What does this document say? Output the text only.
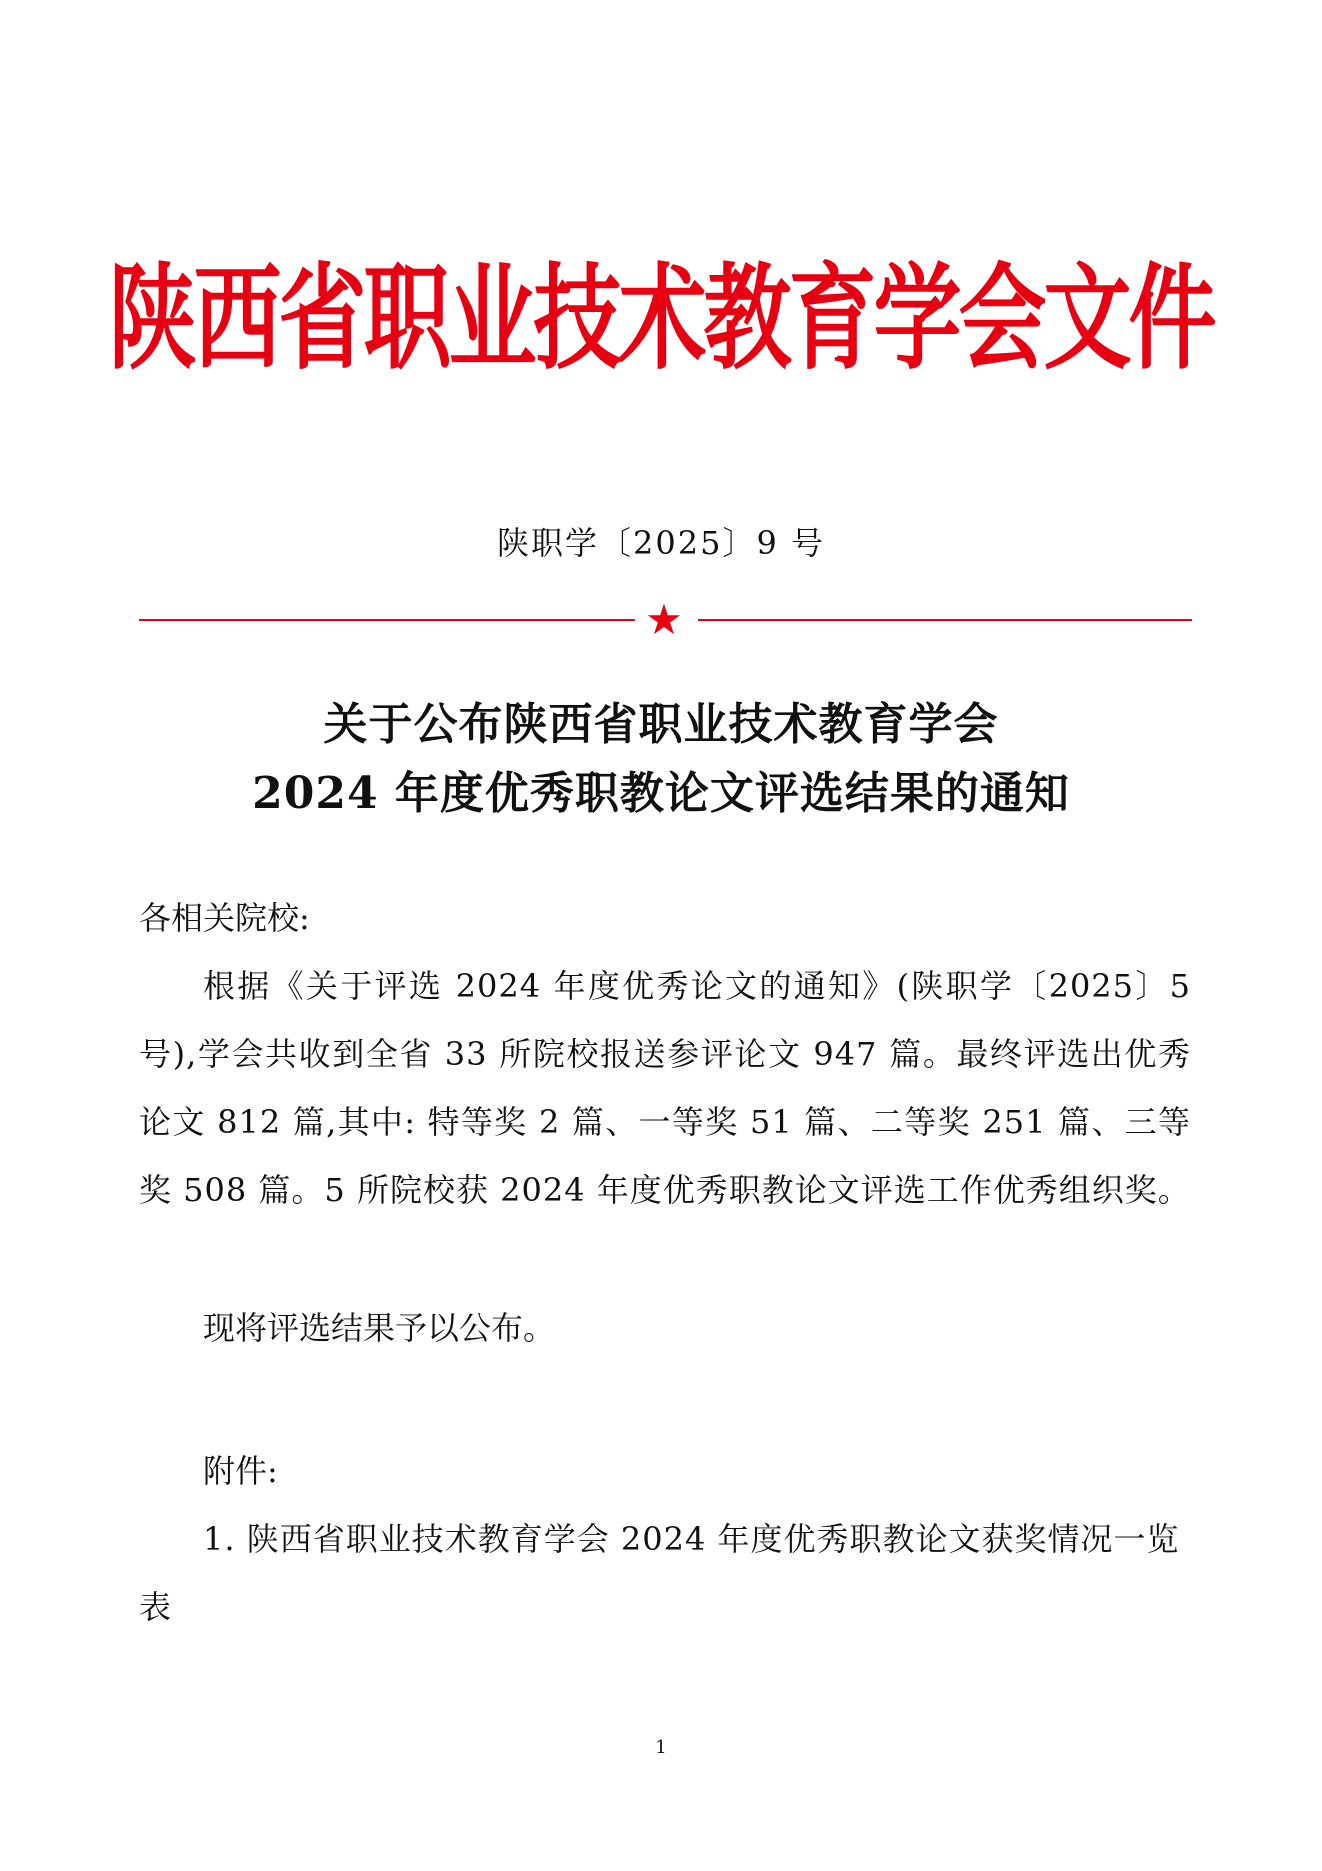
陕西省职业技术教育学会文件
陕职学〔2025〕9 号
★
关于公布陕西省职业技术教育学会
2024 年度优秀职教论文评选结果的通知
各相关院校:
根据《关于评选 2024 年度优秀论文的通知》(陕职学〔2025〕5 号),学会共收到全省 33 所院校报送参评论文 947 篇。最终评选出优秀论文 812 篇,其中: 特等奖 2 篇、一等奖 51 篇、二等奖 251 篇、三等奖 508 篇。5 所院校获 2024 年度优秀职教论文评选工作优秀组织奖。
现将评选结果予以公布。
附件:
1. 陕西省职业技术教育学会 2024 年度优秀职教论文获奖情况一览表
1
